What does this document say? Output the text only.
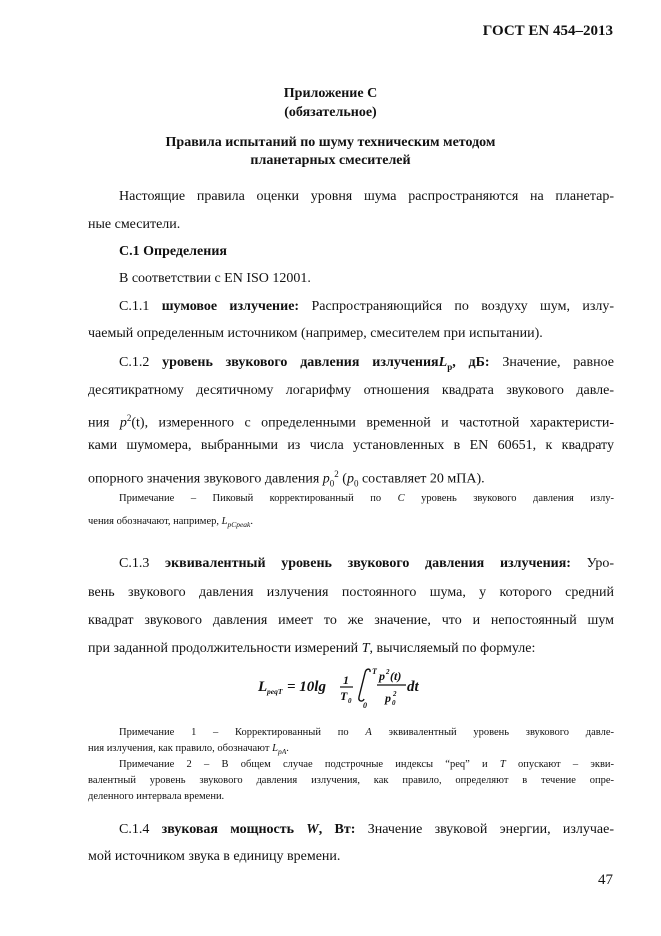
ГОСТ EN 454–2013
Приложение С
(обязательное)
Правила испытаний по шуму техническим методом
планетарных смесителей
Настоящие правила оценки уровня шума распространяются на планетар-
ные смесители.
С.1 Определения
В соответствии с EN ISO 12001.
С.1.1 шумовое излучение: Распространяющийся по воздуху шум, излу-
чаемый определенным источником (например, смесителем при испытании).
С.1.2 уровень звукового давления излученияL$_p$, дБ: Значение, равное
десятикратному десятичному логарифму отношения квадрата звукового давле-
ния $p^2(t)$, измеренного с определенными временной и частотной характеристи-
ками шумомера, выбранными из числа установленных в EN 60651, к квадрату
опорного значения звукового давления $p_0^2$ ($p_0$ составляет 20 мПА).
Примечание – Пиковый корректированный по С уровень звукового давления излу-
чения обозначают, например, $L_{pCpeak}$.
С.1.3 эквивалентный уровень звукового давления излучения: Уро-
вень звукового давления излучения постоянного шума, у которого средний
квадрат звукового давления имеет то же значение, что и непостоянный шум
при заданной продолжительности измерений T, вычисляемый по формуле:
L peqT = 10lg 1
T 0
T
0
p 2 (t)
p 0
2 dt
Примечание 1 – Корректированный по А эквивалентный уровень звукового давле-
ния излучения, как правило, обозначают $L_{pA}$.
Примечание 2 – В общем случае подстрочные индексы “peq” и T опускают – экви-
валентный уровень звукового давления излучения, как правило, определяют в течение опре-
деленного интервала времени.
С.1.4 звуковая мощность W, Вт: Значение звуковой энергии, излучае-
мой источником звука в единицу времени.
47
